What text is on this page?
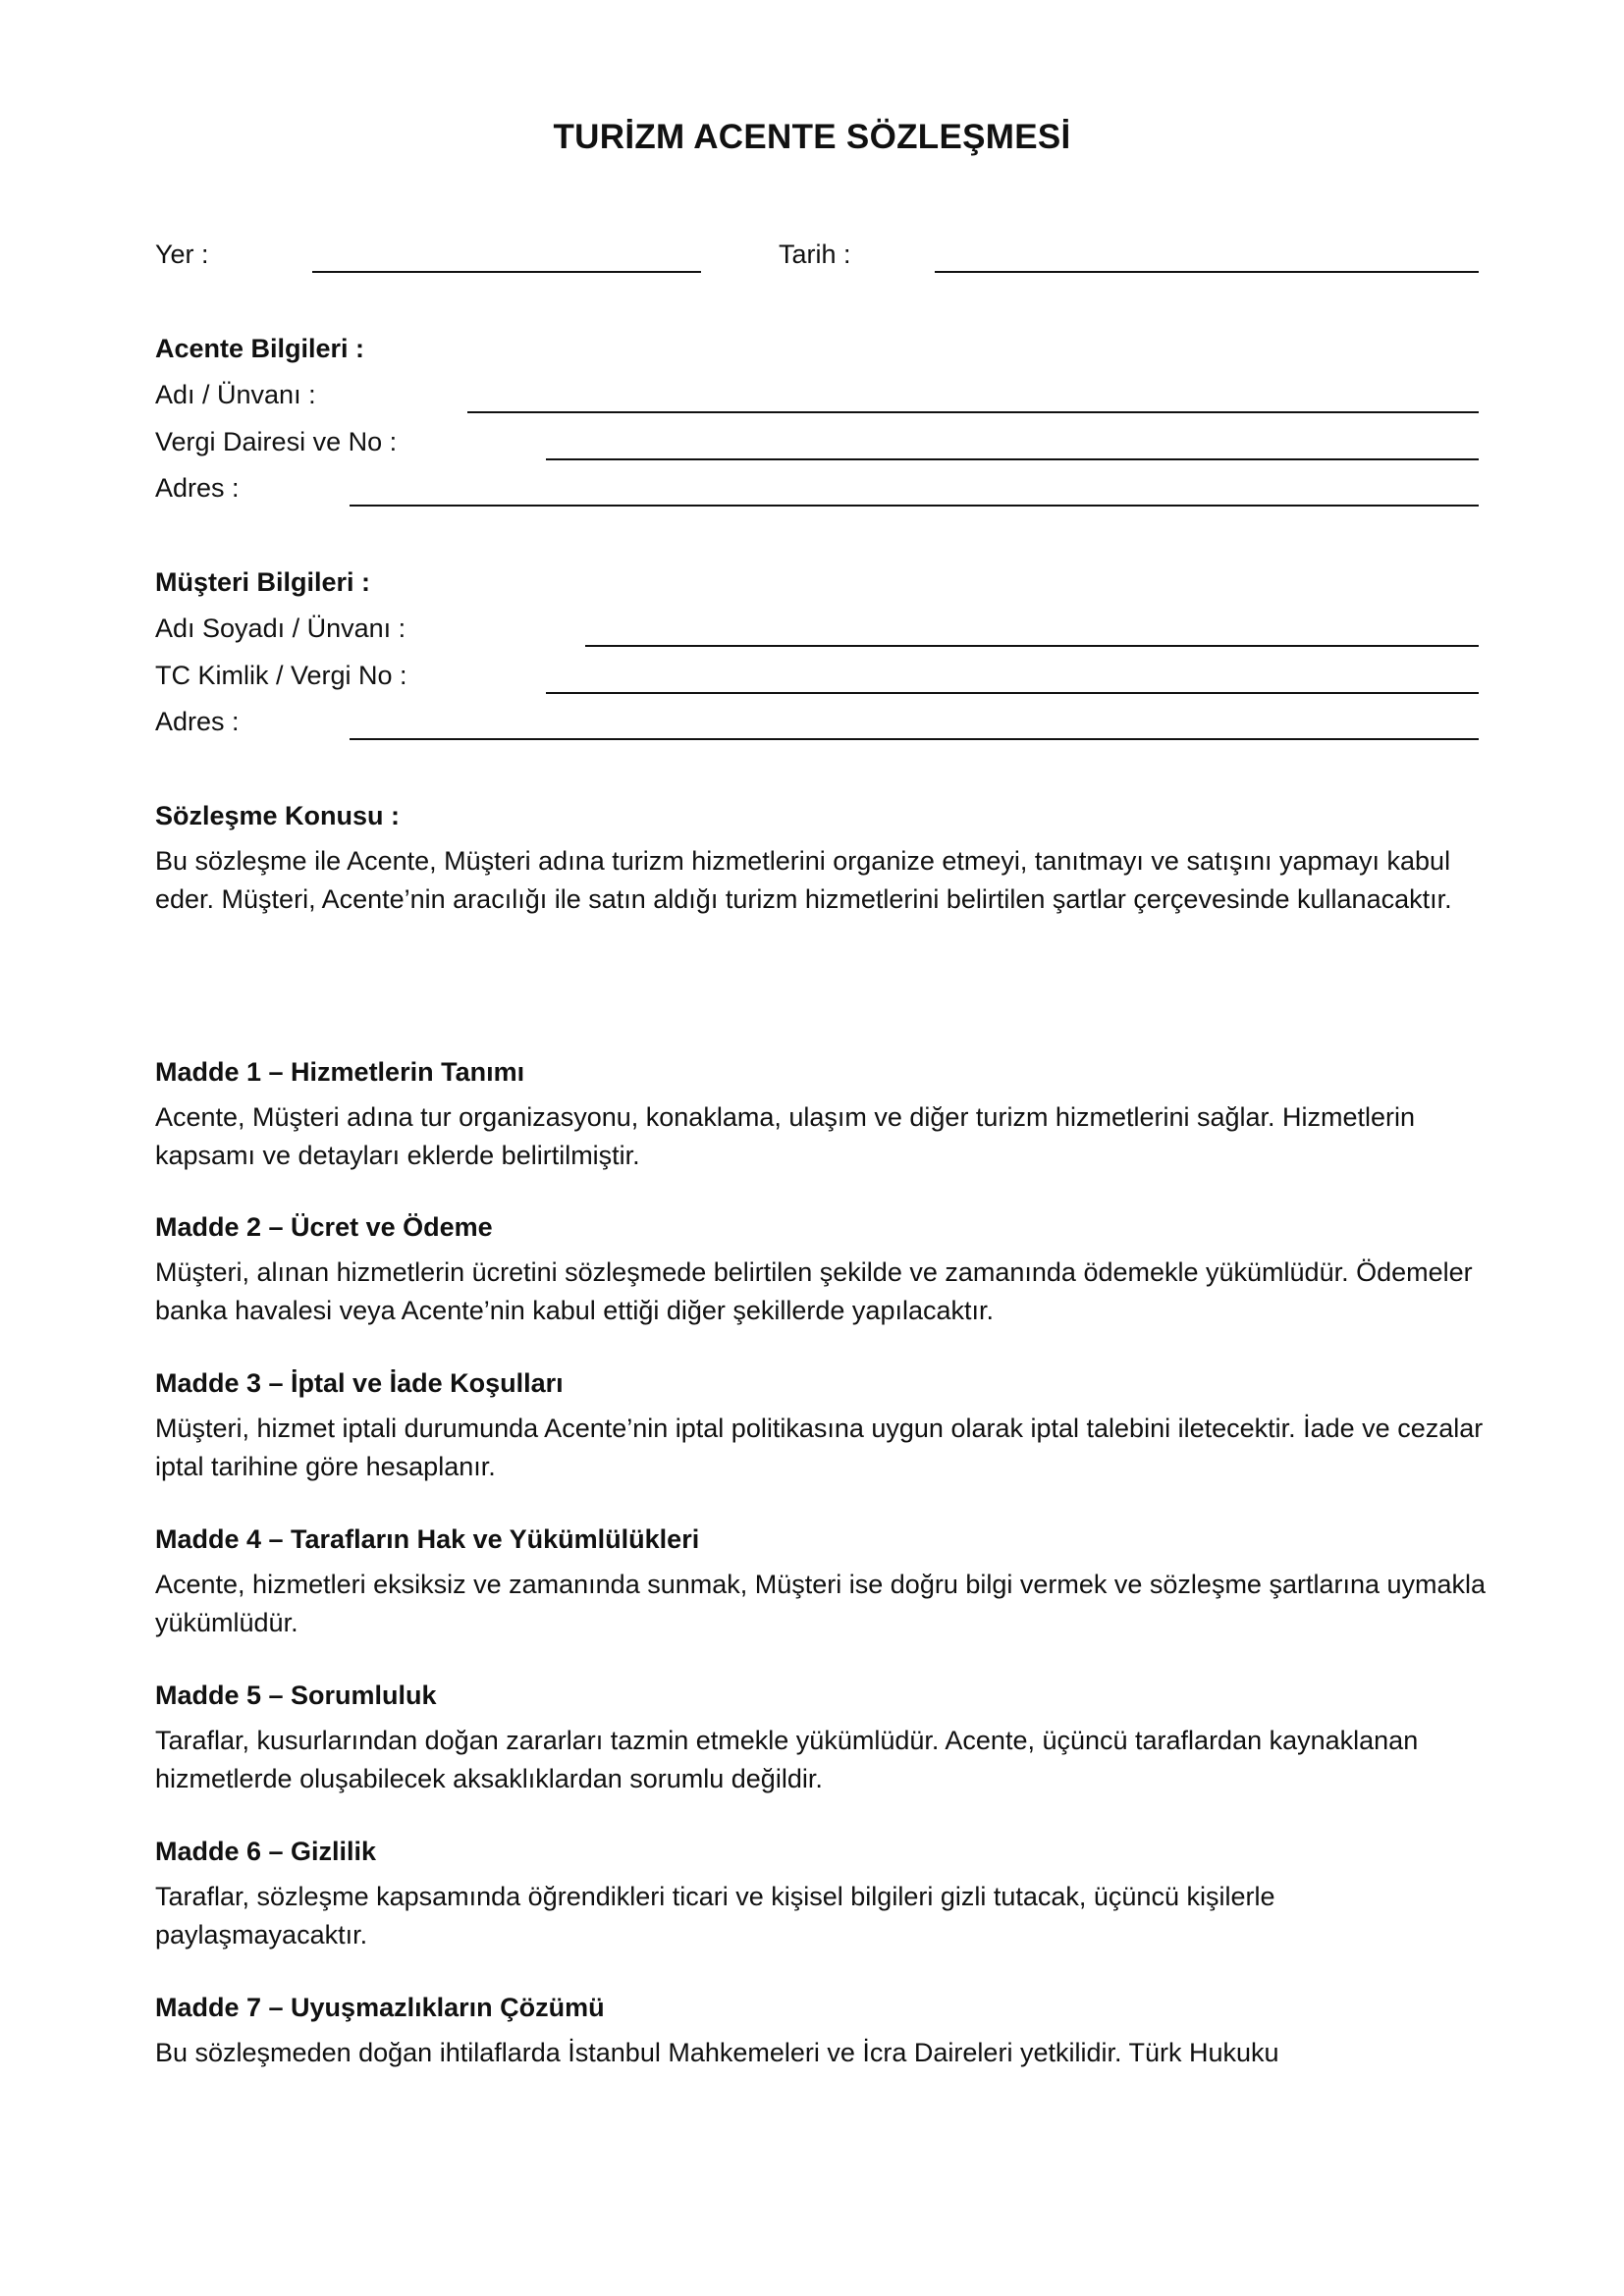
TURİZM ACENTE SÖZLEŞMESİ
Yer :	Tarih :
Acente Bilgileri :
Adı / Ünvanı :
Vergi Dairesi ve No :
Adres :
Müşteri Bilgileri :
Adı Soyadı / Ünvanı :
TC Kimlik / Vergi No :
Adres :
Sözleşme Konusu :

Bu sözleşme ile Acente, Müşteri adına turizm hizmetlerini organize etmeyi, tanıtmayı ve satışını yapmayı kabul eder. Müşteri, Acente’nin aracılığı ile satın aldığı turizm hizmetlerini belirtilen şartlar çerçevesinde kullanacaktır.

Madde 1 – Hizmetlerin Tanımı

Acente, Müşteri adına tur organizasyonu, konaklama, ulaşım ve diğer turizm hizmetlerini sağlar. Hizmetlerin kapsamı ve detayları eklerde belirtilmiştir.

Madde 2 – Ücret ve Ödeme

Müşteri, alınan hizmetlerin ücretini sözleşmede belirtilen şekilde ve zamanında ödemekle yükümlüdür. Ödemeler banka havalesi veya Acente’nin kabul ettiği diğer şekillerde yapılacaktır.

Madde 3 – İptal ve İade Koşulları

Müşteri, hizmet iptali durumunda Acente’nin iptal politikasına uygun olarak iptal talebini iletecektir. İade ve cezalar iptal tarihine göre hesaplanır.

Madde 4 – Tarafların Hak ve Yükümlülükleri

Acente, hizmetleri eksiksiz ve zamanında sunmak, Müşteri ise doğru bilgi vermek ve sözleşme şartlarına uymakla yükümlüdür.

Madde 5 – Sorumluluk

Taraflar, kusurlarından doğan zararları tazmin etmekle yükümlüdür. Acente, üçüncü taraflardan kaynaklanan hizmetlerde oluşabilecek aksaklıklardan sorumlu değildir.

Madde 6 – Gizlilik

Taraflar, sözleşme kapsamında öğrendikleri ticari ve kişisel bilgileri gizli tutacak, üçüncü kişilerle paylaşmayacaktır.

Madde 7 – Uyuşmazlıkların Çözümü

Bu sözleşmeden doğan ihtilaflarda İstanbul Mahkemeleri ve İcra Daireleri yetkilidir. Türk Hukuku
